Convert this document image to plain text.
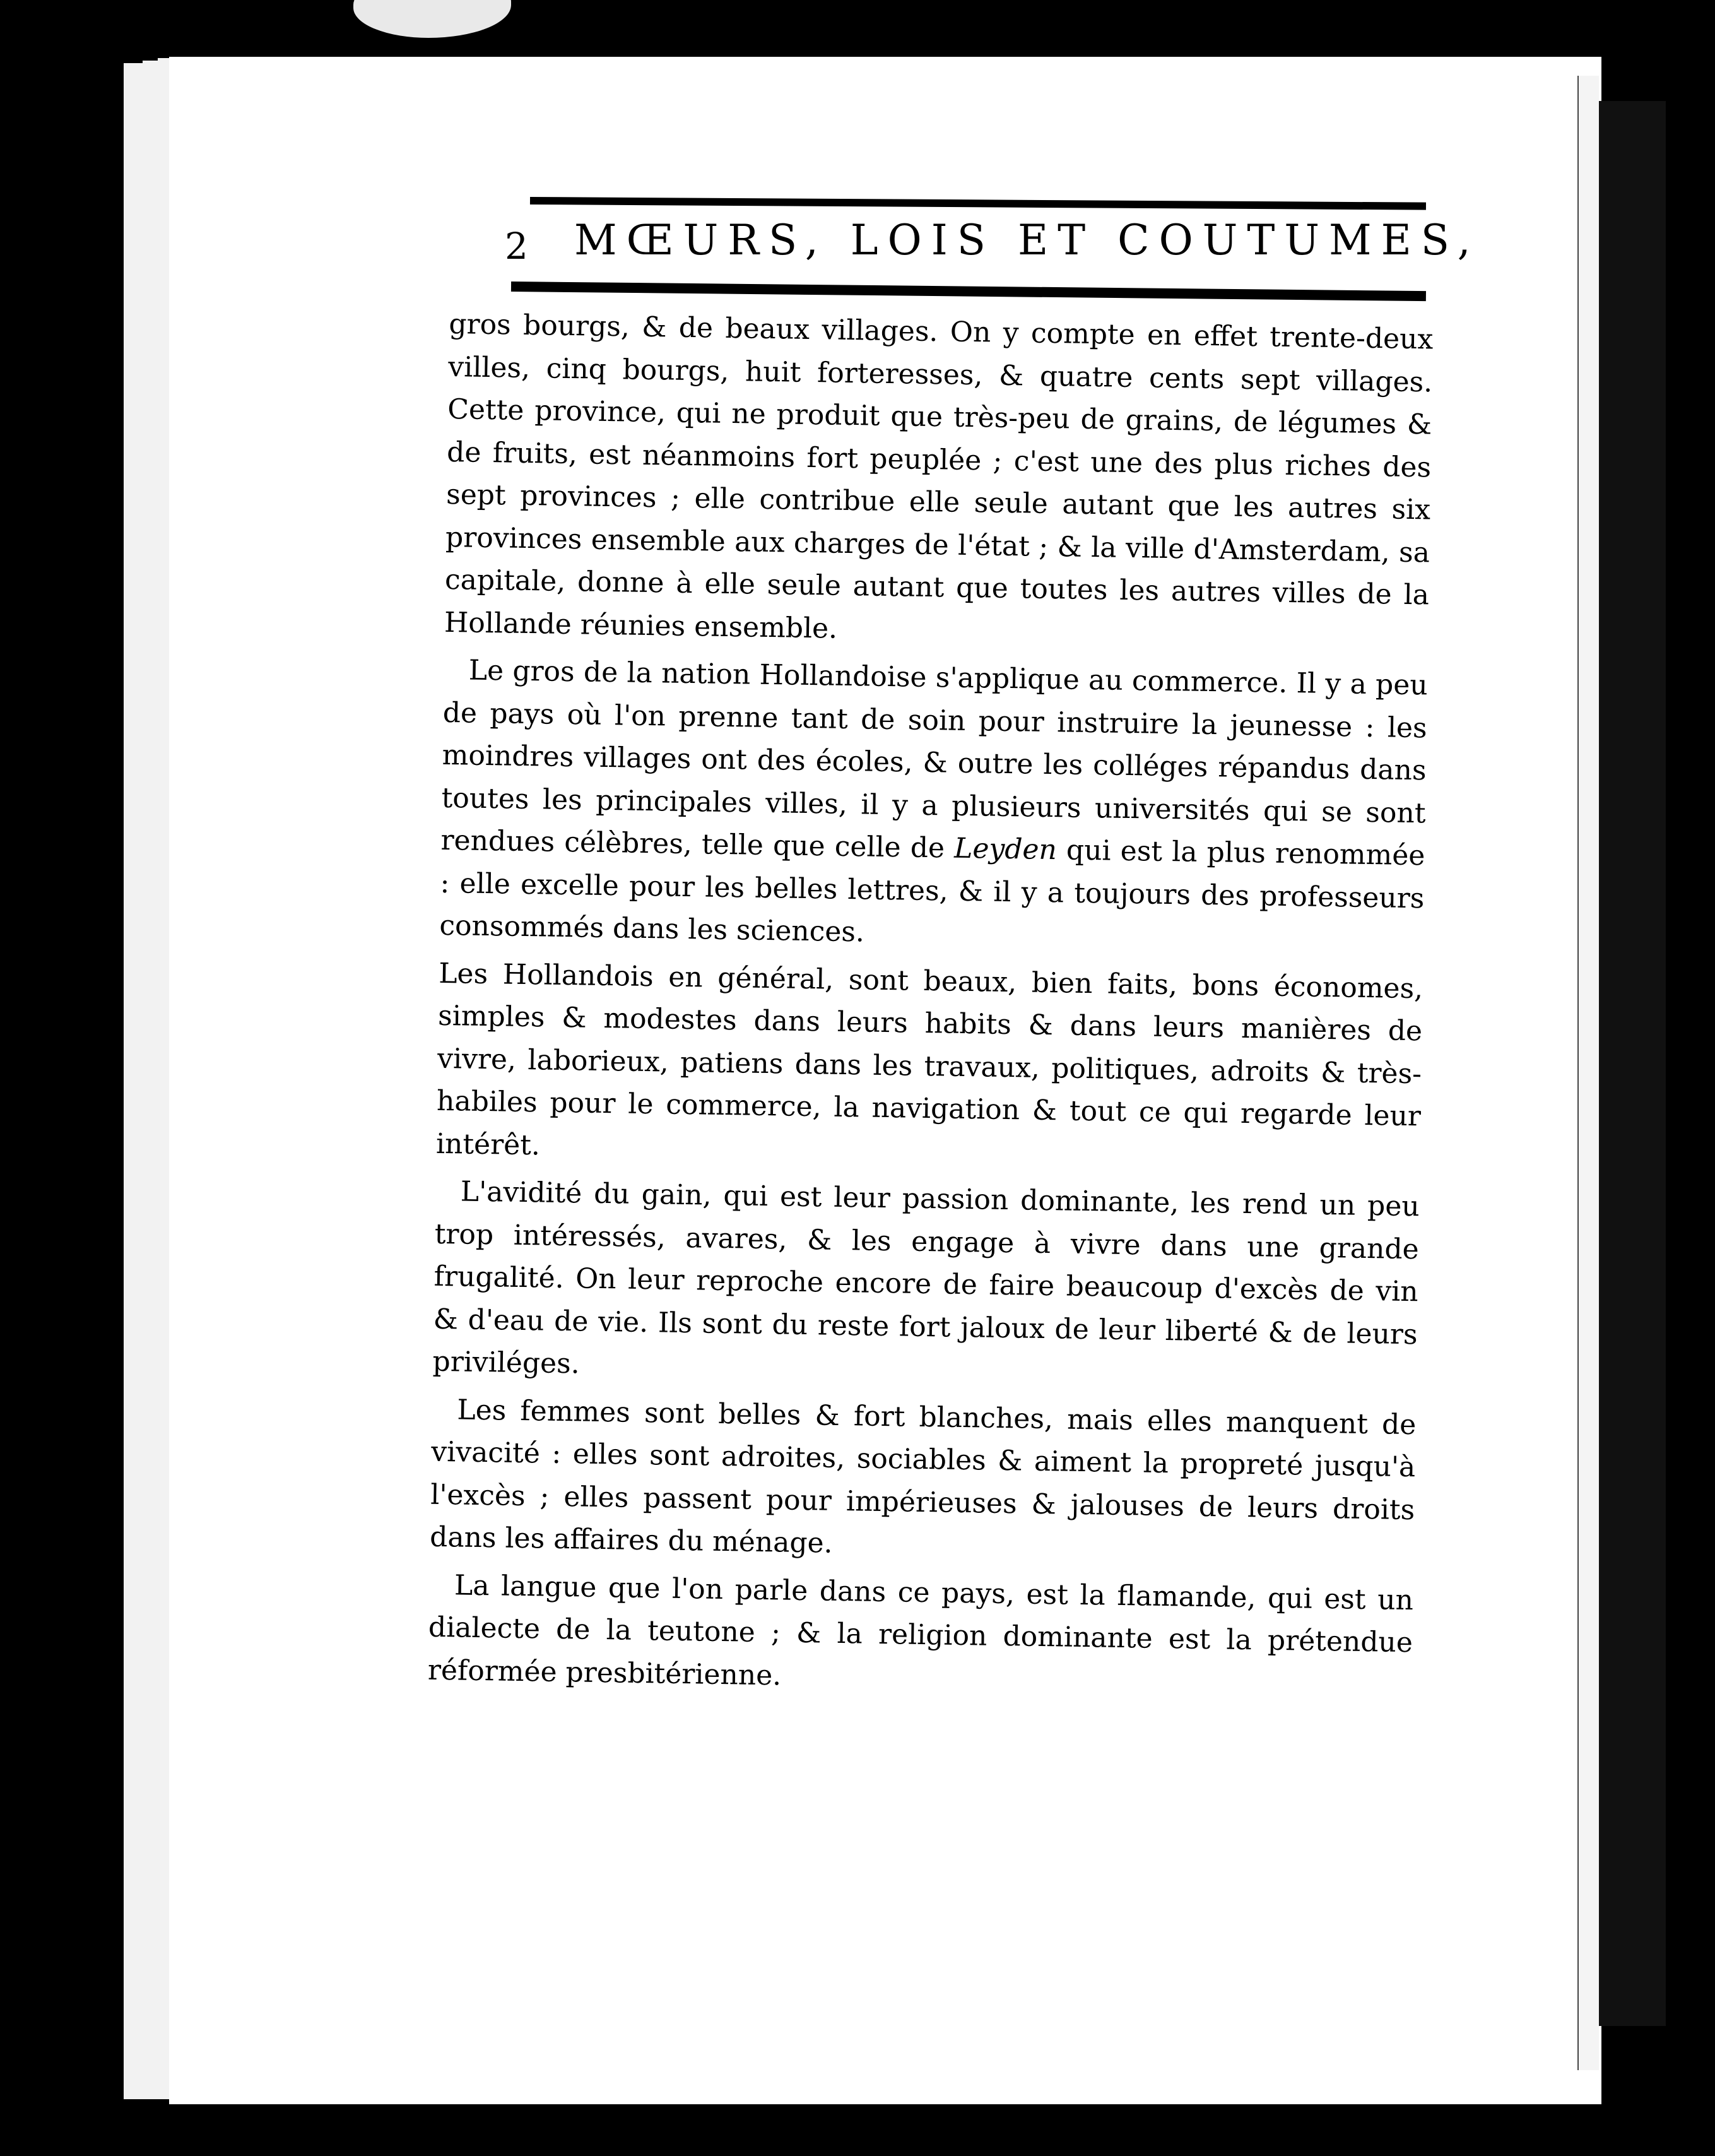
2 MŒURS, LOIS ET COUTUMES,

gros bourgs, & de beaux villages. On y compte en effet trente-deux villes, cinq bourgs, huit forteresses, & quatre cents sept villages. Cette province, qui ne produit que très-peu de grains, de légumes & de fruits, est néanmoins fort peuplée ; c'est une des plus riches des sept provinces ; elle contribue elle seule autant que les autres six provinces ensemble aux charges de l'état ; & la ville d'Amsterdam, sa capitale, donne à elle seule autant que toutes les autres villes de la Hollande réunies ensemble.

Le gros de la nation Hollandoise s'applique au commerce. Il y a peu de pays où l'on prenne tant de soin pour instruire la jeunesse : les moindres villages ont des écoles, & outre les colléges répandus dans toutes les principales villes, il y a plusieurs universités qui se sont rendues célèbres, telle que celle de Leyden qui est la plus renommée : elle excelle pour les belles lettres, & il y a toujours des professeurs consommés dans les sciences.

Les Hollandois en général, sont beaux, bien faits, bons économes, simples & modestes dans leurs habits & dans leurs manières de vivre, laborieux, patiens dans les travaux, politiques, adroits & très-habiles pour le commerce, la navigation & tout ce qui regarde leur intérêt.

L'avidité du gain, qui est leur passion dominante, les rend un peu trop intéressés, avares, & les engage à vivre dans une grande frugalité. On leur reproche encore de faire beaucoup d'excès de vin & d'eau de vie. Ils sont du reste fort jaloux de leur liberté & de leurs priviléges.

Les femmes sont belles & fort blanches, mais elles manquent de vivacité : elles sont adroites, sociables & aiment la propreté jusqu'à l'excès ; elles passent pour impérieuses & jalouses de leurs droits dans les affaires du ménage.

La langue que l'on parle dans ce pays, est la flamande, qui est un dialecte de la teutone ; & la religion dominante est la prétendue réformée presbitérienne.
